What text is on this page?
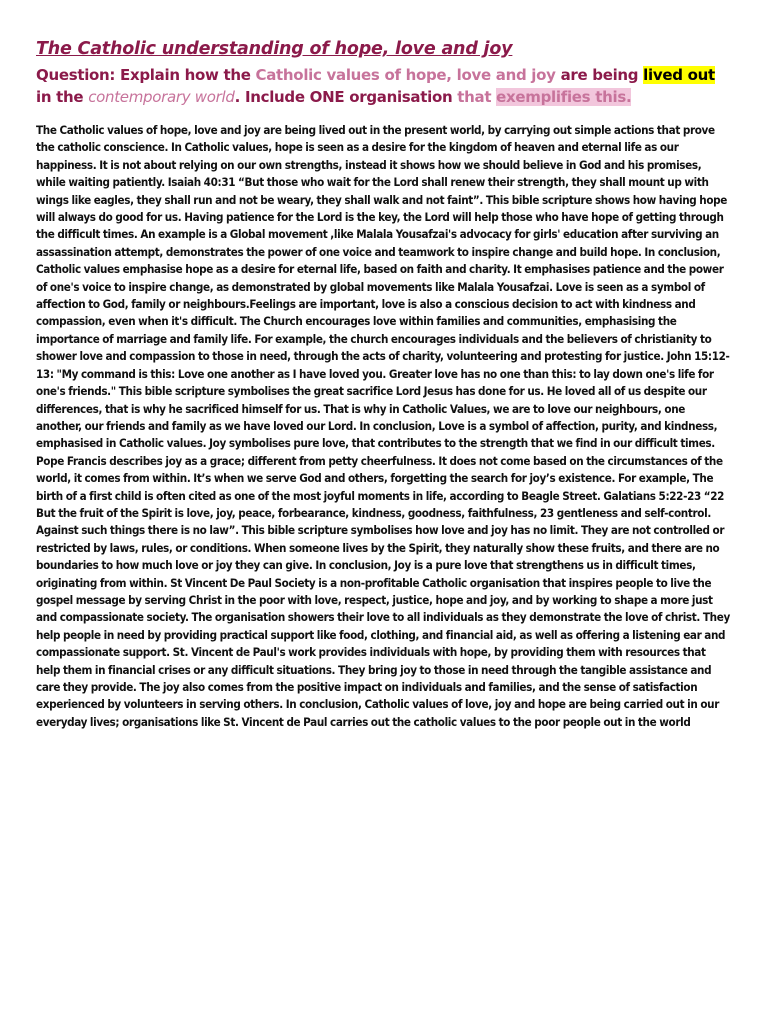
The Catholic understanding of hope, love and joy

Question: Explain how the Catholic values of hope, love and joy are being lived out in the contemporary world. Include ONE organisation that exemplifies this.

The Catholic values of hope, love and joy are being lived out in the present world, by carrying out simple actions that prove the catholic conscience. In Catholic values, hope is seen as a desire for the kingdom of heaven and eternal life as our happiness. It is not about relying on our own strengths, instead it shows how we should believe in God and his promises, while waiting patiently. Isaiah 40:31 “But those who wait for the Lord shall renew their strength, they shall mount up with wings like eagles, they shall run and not be weary, they shall walk and not faint”. This bible scripture shows how having hope will always do good for us. Having patience for the Lord is the key, the Lord will help those who have hope of getting through the difficult times. An example is a Global movement ,like Malala Yousafzai's advocacy for girls' education after surviving an assassination attempt, demonstrates the power of one voice and teamwork to inspire change and build hope. In conclusion, Catholic values emphasise hope as a desire for eternal life, based on faith and charity. It emphasises patience and the power of one's voice to inspire change, as demonstrated by global movements like Malala Yousafzai. Love is seen as a symbol of affection to God, family or neighbours.Feelings are important, love is also a conscious decision to act with kindness and compassion, even when it's difficult. The Church encourages love within families and communities, emphasising the importance of marriage and family life. For example, the church encourages individuals and the believers of christianity to shower love and compassion to those in need, through the acts of charity, volunteering and protesting for justice. John 15:12-13: "My command is this: Love one another as I have loved you. Greater love has no one than this: to lay down one's life for one's friends." This bible scripture symbolises the great sacrifice Lord Jesus has done for us. He loved all of us despite our differences, that is why he sacrificed himself for us. That is why in Catholic Values, we are to love our neighbours, one another, our friends and family as we have loved our Lord. In conclusion, Love is a symbol of affection, purity, and kindness, emphasised in Catholic values. Joy symbolises pure love, that contributes to the strength that we find in our difficult times. Pope Francis describes joy as a grace; different from petty cheerfulness. It does not come based on the circumstances of the world, it comes from within. It’s when we serve God and others, forgetting the search for joy’s existence. For example, The birth of a first child is often cited as one of the most joyful moments in life, according to Beagle Street. Galatians 5:22-23 “22 But the fruit of the Spirit is love, joy, peace, forbearance, kindness, goodness, faithfulness, 23 gentleness and self-control. Against such things there is no law”. This bible scripture symbolises how love and joy has no limit. They are not controlled or restricted by laws, rules, or conditions. When someone lives by the Spirit, they naturally show these fruits, and there are no boundaries to how much love or joy they can give. In conclusion, Joy is a pure love that strengthens us in difficult times, originating from within. St Vincent De Paul Society is a non-profitable Catholic organisation that inspires people to live the gospel message by serving Christ in the poor with love, respect, justice, hope and joy, and by working to shape a more just and compassionate society. The organisation showers their love to all individuals as they demonstrate the love of christ. They help people in need by providing practical support like food, clothing, and financial aid, as well as offering a listening ear and compassionate support. St. Vincent de Paul's work provides individuals with hope, by providing them with resources that help them in financial crises or any difficult situations. They bring joy to those in need through the tangible assistance and care they provide. The joy also comes from the positive impact on individuals and families, and the sense of satisfaction experienced by volunteers in serving others. In conclusion, Catholic values of love, joy and hope are being carried out in our everyday lives; organisations like St. Vincent de Paul carries out the catholic values to the poor people out in the world
